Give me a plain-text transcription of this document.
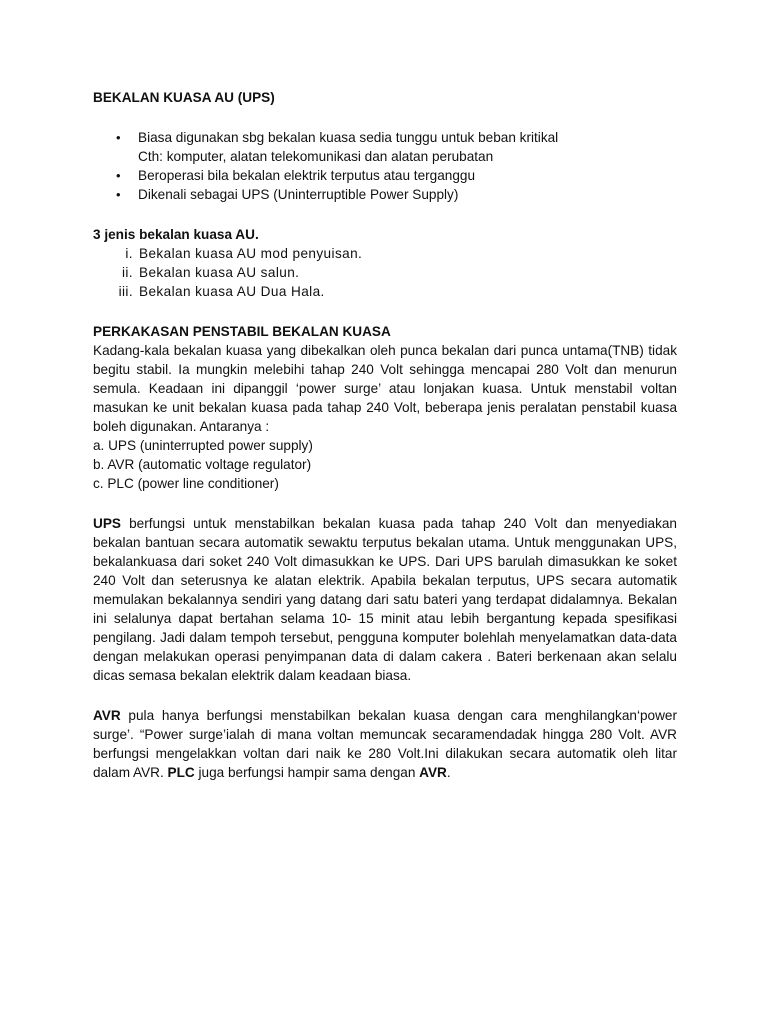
BEKALAN KUASA AU (UPS)

• Biasa digunakan sbg bekalan kuasa sedia tunggu untuk beban kritikal
Cth: komputer, alatan telekomunikasi dan alatan perubatan
• Beroperasi bila bekalan elektrik terputus atau terganggu
• Dikenali sebagai UPS (Uninterruptible Power Supply)

3 jenis bekalan kuasa AU.

i. Bekalan kuasa AU mod penyuisan.
ii. Bekalan kuasa AU salun.
iii. Bekalan kuasa AU Dua Hala.

PERKAKASAN PENSTABIL BEKALAN KUASA

Kadang-kala bekalan kuasa yang dibekalkan oleh punca bekalan dari punca untama(TNB) tidak begitu stabil. Ia mungkin melebihi tahap 240 Volt sehingga mencapai 280 Volt dan menurun semula. Keadaan ini dipanggil ‘power surge’ atau lonjakan kuasa. Untuk menstabil voltan masukan ke unit bekalan kuasa pada tahap 240 Volt, beberapa jenis peralatan penstabil kuasa boleh digunakan. Antaranya :

a. UPS (uninterrupted power supply)
b. AVR (automatic voltage regulator)
c. PLC (power line conditioner)

UPS berfungsi untuk menstabilkan bekalan kuasa pada tahap 240 Volt dan menyediakan bekalan bantuan secara automatik sewaktu terputus bekalan utama. Untuk menggunakan UPS, bekalankuasa dari soket 240 Volt dimasukkan ke UPS. Dari UPS barulah dimasukkan ke soket 240 Volt dan seterusnya ke alatan elektrik. Apabila bekalan terputus, UPS secara automatik memulakan bekalannya sendiri yang datang dari satu bateri yang terdapat didalamnya. Bekalan ini selalunya dapat bertahan selama 10- 15 minit atau lebih bergantung kepada spesifikasi pengilang. Jadi dalam tempoh tersebut, pengguna komputer bolehlah menyelamatkan data-data dengan melakukan operasi penyimpanan data di dalam cakera . Bateri berkenaan akan selalu dicas semasa bekalan elektrik dalam keadaan biasa.

AVR pula hanya berfungsi menstabilkan bekalan kuasa dengan cara menghilangkan‘power surge’. “Power surge’ialah di mana voltan memuncak secaramendadak hingga 280 Volt. AVR berfungsi mengelakkan voltan dari naik ke 280 Volt.Ini dilakukan secara automatik oleh litar dalam AVR. PLC juga berfungsi hampir sama dengan AVR.
